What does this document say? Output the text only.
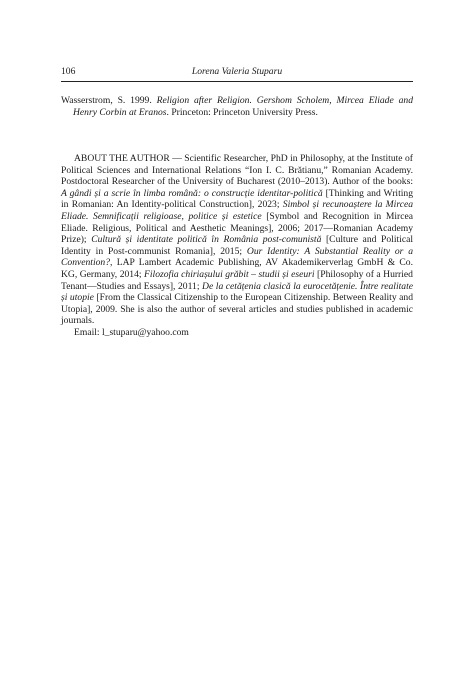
106	Lorena Valeria Stuparu
Wasserstrom, S. 1999. Religion after Religion. Gershom Scholem, Mircea Eliade and Henry Corbin at Eranos. Princeton: Princeton University Press.

ABOUT THE AUTHOR — Scientific Researcher, PhD in Philosophy, at the Institute of Political Sciences and International Relations “Ion I. C. Brătianu,” Romanian Academy. Postdoctoral Researcher of the University of Bucharest (2010–2013). Author of the books: A gândi și a scrie în limba română: o construcție identitar-politică [Thinking and Writing in Romanian: An Identity-political Construction], 2023; Simbol și recunoaștere la Mircea Eliade. Semnificații religioase, politice și estetice [Symbol and Recognition in Mircea Eliade. Religious, Political and Aesthetic Meanings], 2006; 2017—Romanian Academy Prize); Cultură și identitate politică în România post-comunistă [Culture and Political Identity in Post-communist Romania], 2015; Our Identity: A Substantial Reality or a Convention?, LAP Lambert Academic Publishing, AV Akademikerverlag GmbH & Co. KG, Germany, 2014; Filozofia chiriașului grăbit – studii și eseuri [Philosophy of a Hurried Tenant—Studies and Essays], 2011; De la cetățenia clasică la eurocetățenie. Între realitate și utopie [From the Classical Citizenship to the European Citizenship. Between Reality and Utopia], 2009. She is also the author of several articles and studies published in academic journals.

Email: l_stuparu@yahoo.com
